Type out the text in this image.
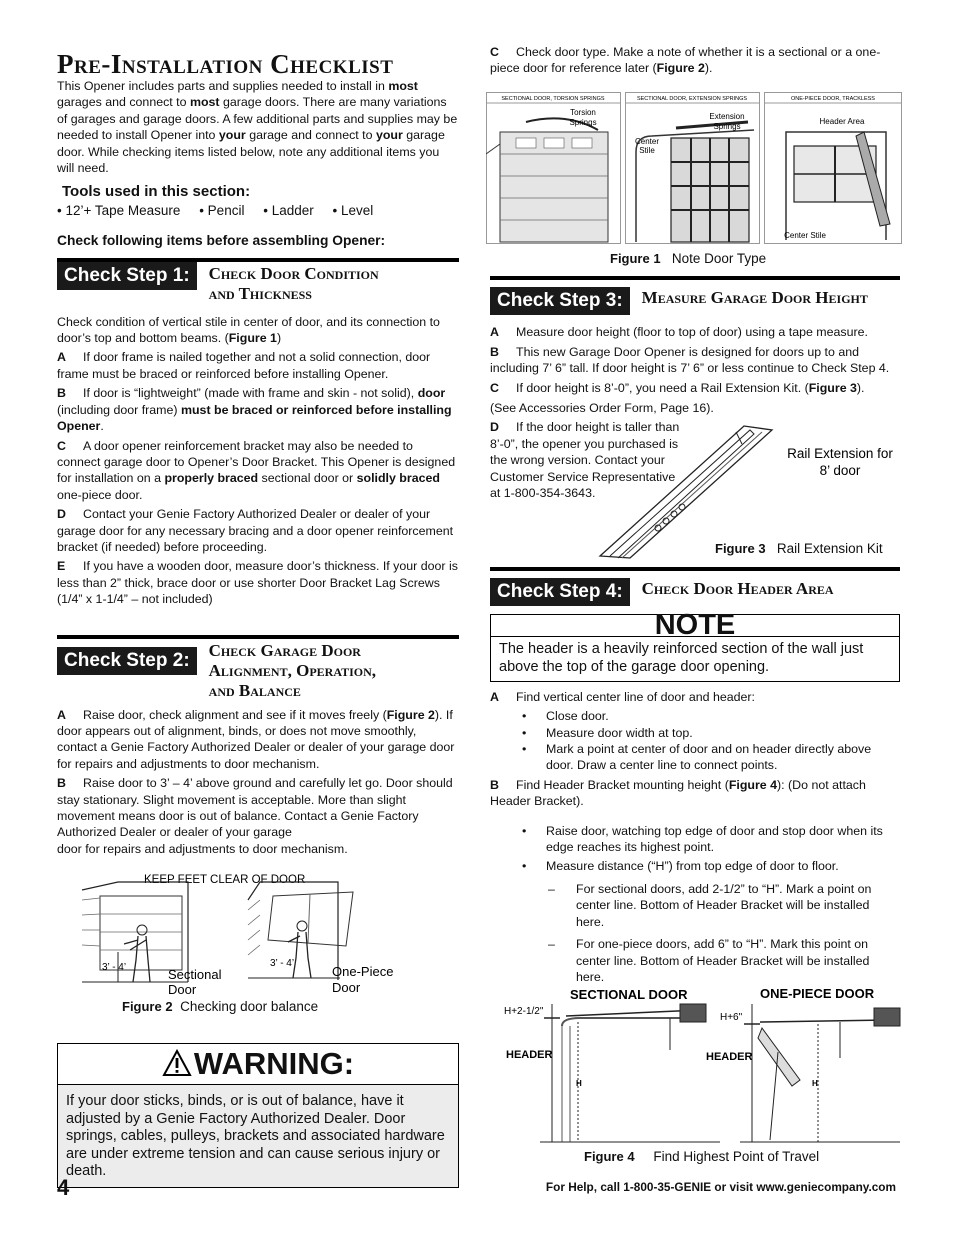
Pre-Installation Checklist

This Opener includes parts and supplies needed to install in most garages and connect to most garage doors. There are many variations of garages and garage doors. A few additional parts and supplies may be needed to install Opener into your garage and connect to your garage door. While checking items listed below, note any additional items you will need.

Tools used in this section:
• 12’+ Tape Measure • Pencil • Ladder • Level
Check following items before assembling Opener:
Check Step 1:	Check Door Condition
and Thickness

Check condition of vertical stile in center of door, and its connection to door’s top and bottom beams. (Figure 1)

A If door frame is nailed together and not a solid connection, door frame must be braced or reinforced before installing Opener.

B If door is “lightweight” (made with frame and skin - not solid), door (including door frame) must be braced or reinforced before installing Opener.

C A door opener reinforcement bracket may also be needed to connect garage door to Opener’s Door Bracket. This Opener is designed for installation on a properly braced sectional door or solidly braced one-piece door.

D Contact your Genie Factory Authorized Dealer or dealer of your garage door for any necessary bracing and a door opener reinforcement bracket (if needed) before proceeding.

E If you have a wooden door, measure door’s thickness. If your door is less than 2” thick, brace door or use shorter Door Bracket Lag Screws (1/4” x 1-1/4” – not included)

Check Step 2:	Check Garage Door
Alignment, Operation,
and Balance

A Raise door, check alignment and see if it moves freely (Figure 2). If door appears out of alignment, binds, or does not move smoothly, contact a Genie Factory Authorized Dealer or dealer of your garage door for repairs and adjustments to door mechanism.

B Raise door to 3’ – 4’ above ground and carefully let go. Door should stay stationary. Slight movement is acceptable. More than slight movement means door is out of balance. Contact a Genie Factory Authorized Dealer or dealer of your garage
door for repairs and adjustments to door mechanism.

KEEP FEET CLEAR OF DOOR
3’ - 4’	Sectional
Door
3’ - 4’
One-Piece
Door
Figure 2 Checking door balance
WARNING:
If your door sticks, binds, or is out of balance, have it adjusted by a Genie Factory Authorized Dealer. Door springs, cables, pulleys, brackets and associated hardware are under extreme tension and can cause serious injury or death.

C Check door type. Make a note of whether it is a sectional or a one-piece door for reference later (Figure 2).

SECTIONAL DOOR, TORSION SPRINGS
Torsion
Springs
SECTIONAL DOOR, EXTENSION SPRINGS
Extension
Springs
Center
Stile
ONE-PIECE DOOR, TRACKLESS
Header Area
Center Stile
Figure 1 Note Door Type
Check Step 3:	Measure Garage Door Height

A Measure door height (floor to top of door) using a tape measure.

B This new Garage Door Opener is designed for doors up to and including 7’ 6” tall. If door height is 7’ 6” or less continue to Check Step 4.

C If door height is 8’-0”, you need a Rail Extension Kit. (Figure 3).

(See Accessories Order Form, Page 16).

D If the door height is taller than 8’-0”, the opener you purchased is the wrong version. Contact your Customer Service Representative at 1-800-354-3643.

Rail Extension for
8’ door
Figure 3 Rail Extension Kit
Check Step 4:	Check Door Header Area
NOTE
The header is a heavily reinforced section of the wall just above the top of the garage door opening.

A Find vertical center line of door and header:

• Close door.

• Measure door width at top.

• Mark a point at center of door and on header directly above door. Draw a center line to connect points.

B Find Header Bracket mounting height (Figure 4): (Do not attach Header Bracket).

• Raise door, watching top edge of door and stop door when its edge reaches its highest point.

• Measure distance (“H”) from top edge of door to floor.

– For sectional doors, add 2-1/2” to “H”. Mark a point on center line. Bottom of Header Bracket will be installed here.

– For one-piece doors, add 6” to “H”. Mark this point on center line. Bottom of Header Bracket will be installed here.

SECTIONAL DOOR	ONE-PIECE DOOR
H+2-1/2"
HEADER
H
H+6"
HEADER
H
Figure 4 Find Highest Point of Travel
4	For Help, call 1-800-35-GENIE or visit www.geniecompany.com
